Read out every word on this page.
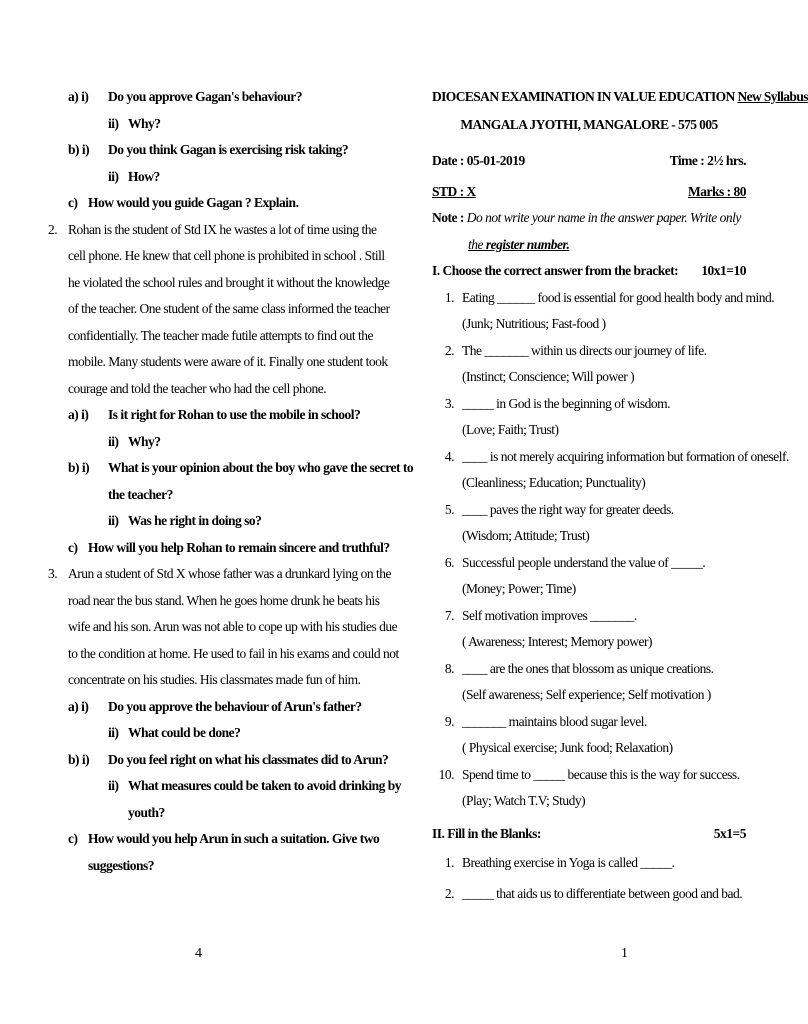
a) i) Do you approve Gagan's behaviour?
ii) Why?
b) i) Do you think Gagan is exercising risk taking?
ii) How?
c) How would you guide Gagan ? Explain.
2. Rohan is the student of Std IX he wastes a lot of time using the
cell phone. He knew that cell phone is prohibited in school . Still
he violated the school rules and brought it without the knowledge
of the teacher. One student of the same class informed the teacher
confidentially. The teacher made futile attempts to find out the
mobile. Many students were aware of it. Finally one student took
courage and told the teacher who had the cell phone.
a) i) Is it right for Rohan to use the mobile in school?
ii) Why?
b) i) What is your opinion about the boy who gave the secret to
the teacher?
ii) Was he right in doing so?
c) How will you help Rohan to remain sincere and truthful?
3. Arun a student of Std X whose father was a drunkard lying on the
road near the bus stand. When he goes home drunk he beats his
wife and his son. Arun was not able to cope up with his studies due
to the condition at home. He used to fail in his exams and could not
concentrate on his studies. His classmates made fun of him.
a) i) Do you approve the behaviour of Arun's father?
ii) What could be done?
b) i) Do you feel right on what his classmates did to Arun?
ii) What measures could be taken to avoid drinking by
youth?
c) How would you help Arun in such a suitation. Give two
suggestions?
4
DIOCESAN EXAMINATION IN VALUE EDUCATION New Syllabus
MANGALA JYOTHI, MANGALORE - 575 005
Date : 05-01-2019	Time : 2½ hrs.
STD : X	Marks : 80
Note : Do not write your name in the answer paper. Write only
the register number.
I. Choose the correct answer from the bracket: 10x1=10
1. Eating ______ food is essential for good health body and mind.
(Junk; Nutritious; Fast-food )
2. The _______ within us directs our journey of life.
(Instinct; Conscience; Will power )
3. _____ in God is the beginning of wisdom.
(Love; Faith; Trust)
4. ____ is not merely acquiring information but formation of oneself.
(Cleanliness; Education; Punctuality)
5. ____ paves the right way for greater deeds.
(Wisdom; Attitude; Trust)
6. Successful people understand the value of _____.
(Money; Power; Time)
7. Self motivation improves _______.
( Awareness; Interest; Memory power)
8. ____ are the ones that blossom as unique creations.
(Self awareness; Self experience; Self motivation )
9. _______ maintains blood sugar level.
( Physical exercise; Junk food; Relaxation)
10. Spend time to _____ because this is the way for success.
(Play; Watch T.V; Study)
II. Fill in the Blanks:	5x1=5
1. Breathing exercise in Yoga is called _____.
2. _____ that aids us to differentiate between good and bad.
1
